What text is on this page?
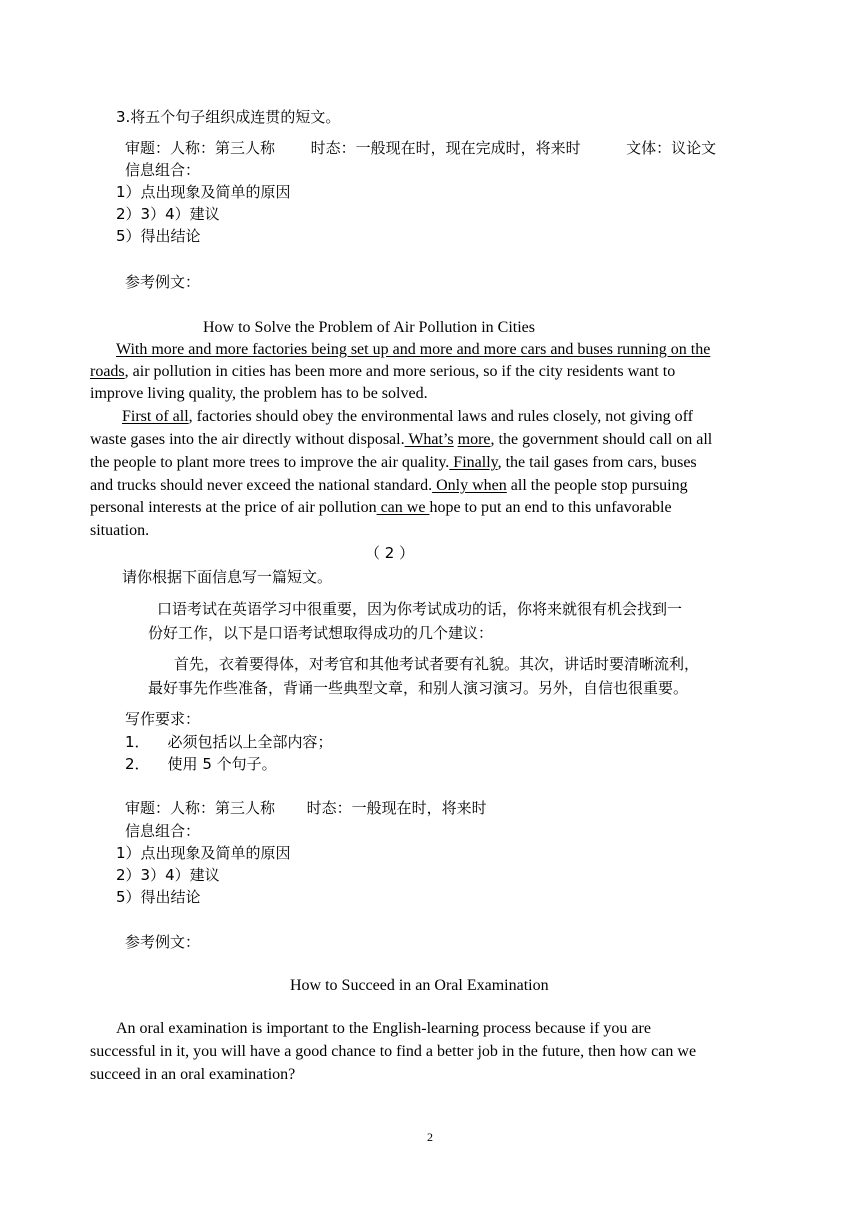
3.将五个句子组织成连贯的短文。
审题：人称：第三人称 时态：一般现在时，现在完成时，将来时	文体：议论文
信息组合：
1）点出现象及简单的原因
2）3）4）建议
5）得出结论
参考例文：
How to Solve the Problem of Air Pollution in Cities
With more and more factories being set up and more and more cars and buses running on the
roads, air pollution in cities has been more and more serious, so if the city residents want to
improve living quality, the problem has to be solved.
First of all, factories should obey the environmental laws and rules closely, not giving off
waste gases into the air directly without disposal. What’s more, the government should call on all
the people to plant more trees to improve the air quality. Finally, the tail gases from cars, buses
and trucks should never exceed the national standard. Only when all the people stop pursuing
personal interests at the price of air pollution can we hope to put an end to this unfavorable
situation.
（ 2 ）
请你根据下面信息写一篇短文。
口语考试在英语学习中很重要，因为你考试成功的话，你将来就很有机会找到一
份好工作，以下是口语考试想取得成功的几个建议：
首先，衣着要得体，对考官和其他考试者要有礼貌。其次，讲话时要清晰流利，
最好事先作些准备，背诵一些典型文章，和别人演习演习。另外，自信也很重要。
写作要求：
1． 必须包括以上全部内容；
2． 使用 5 个句子。
审题：人称：第三人称 时态：一般现在时，将来时
信息组合：
1）点出现象及简单的原因
2）3）4）建议
5）得出结论
参考例文：
How to Succeed in an Oral Examination
An oral examination is important to the English-learning process because if you are
successful in it, you will have a good chance to find a better job in the future, then how can we
succeed in an oral examination?
2
